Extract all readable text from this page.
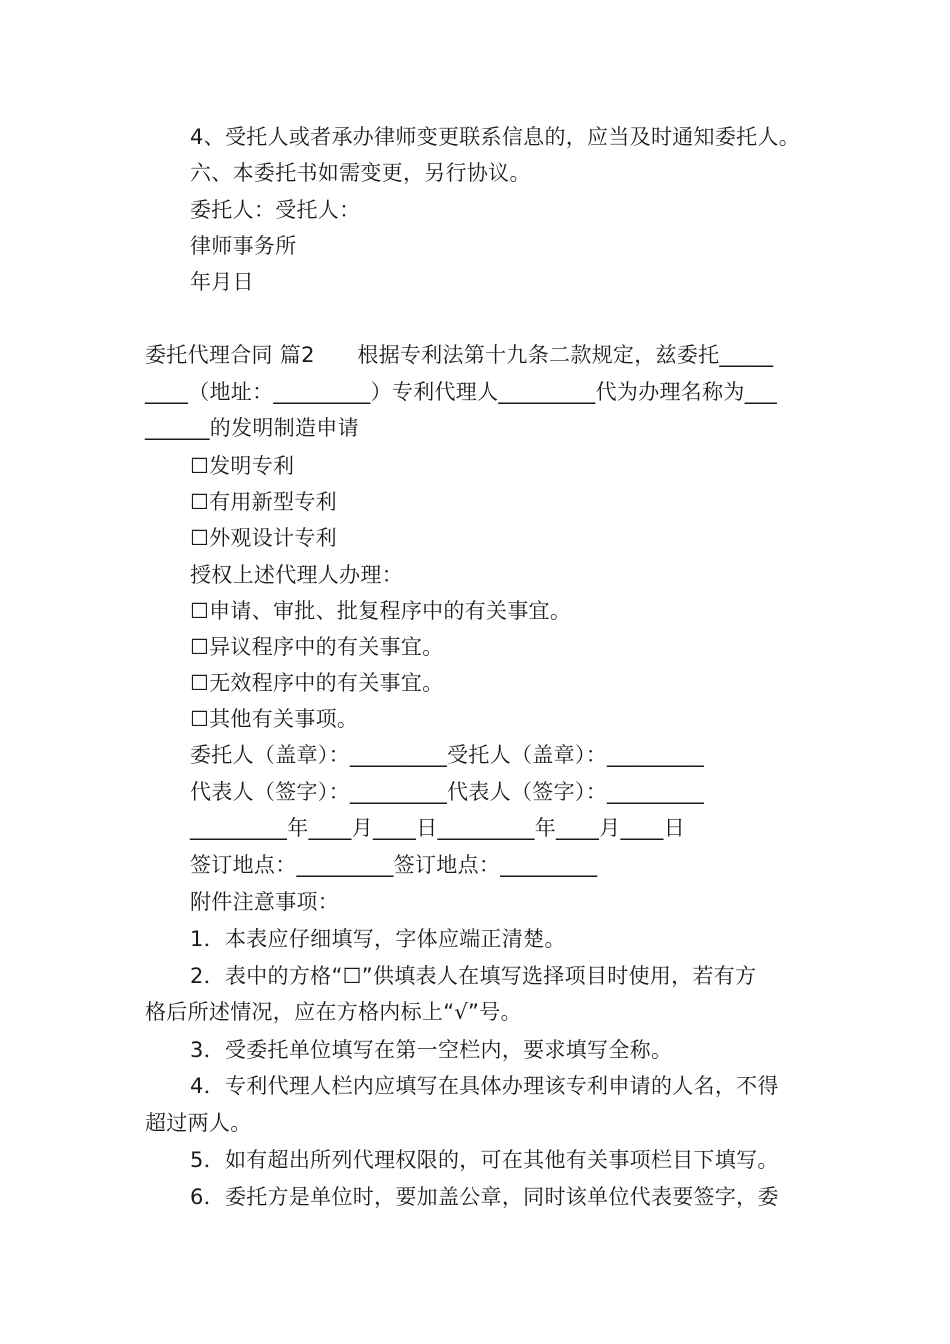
4、受托人或者承办律师变更联系信息的，应当及时通知委托人。

六、本委托书如需变更，另行协议。

委托人：受托人：

律师事务所

年月日

委托代理合同 篇2　　根据专利法第十九条二款规定，兹委托_____

____（地址：_________）专利代理人_________代为办理名称为___

______的发明制造申请

☐发明专利

☐有用新型专利

☐外观设计专利

授权上述代理人办理：

☐申请、审批、批复程序中的有关事宜。

☐异议程序中的有关事宜。

☐无效程序中的有关事宜。

☐其他有关事项。

委托人（盖章）：_________受托人（盖章）：_________

代表人（签字）：_________代表人（签字）：_________

_________年____月____日_________年____月____日

签订地点：_________签订地点：_________

附件注意事项：

1．本表应仔细填写，字体应端正清楚。

2．表中的方格“☐”供填表人在填写选择项目时使用，若有方

格后所述情况，应在方格内标上“√”号。

3．受委托单位填写在第一空栏内，要求填写全称。

4．专利代理人栏内应填写在具体办理该专利申请的人名，不得

超过两人。

5．如有超出所列代理权限的，可在其他有关事项栏目下填写。

6．委托方是单位时，要加盖公章，同时该单位代表要签字，委
